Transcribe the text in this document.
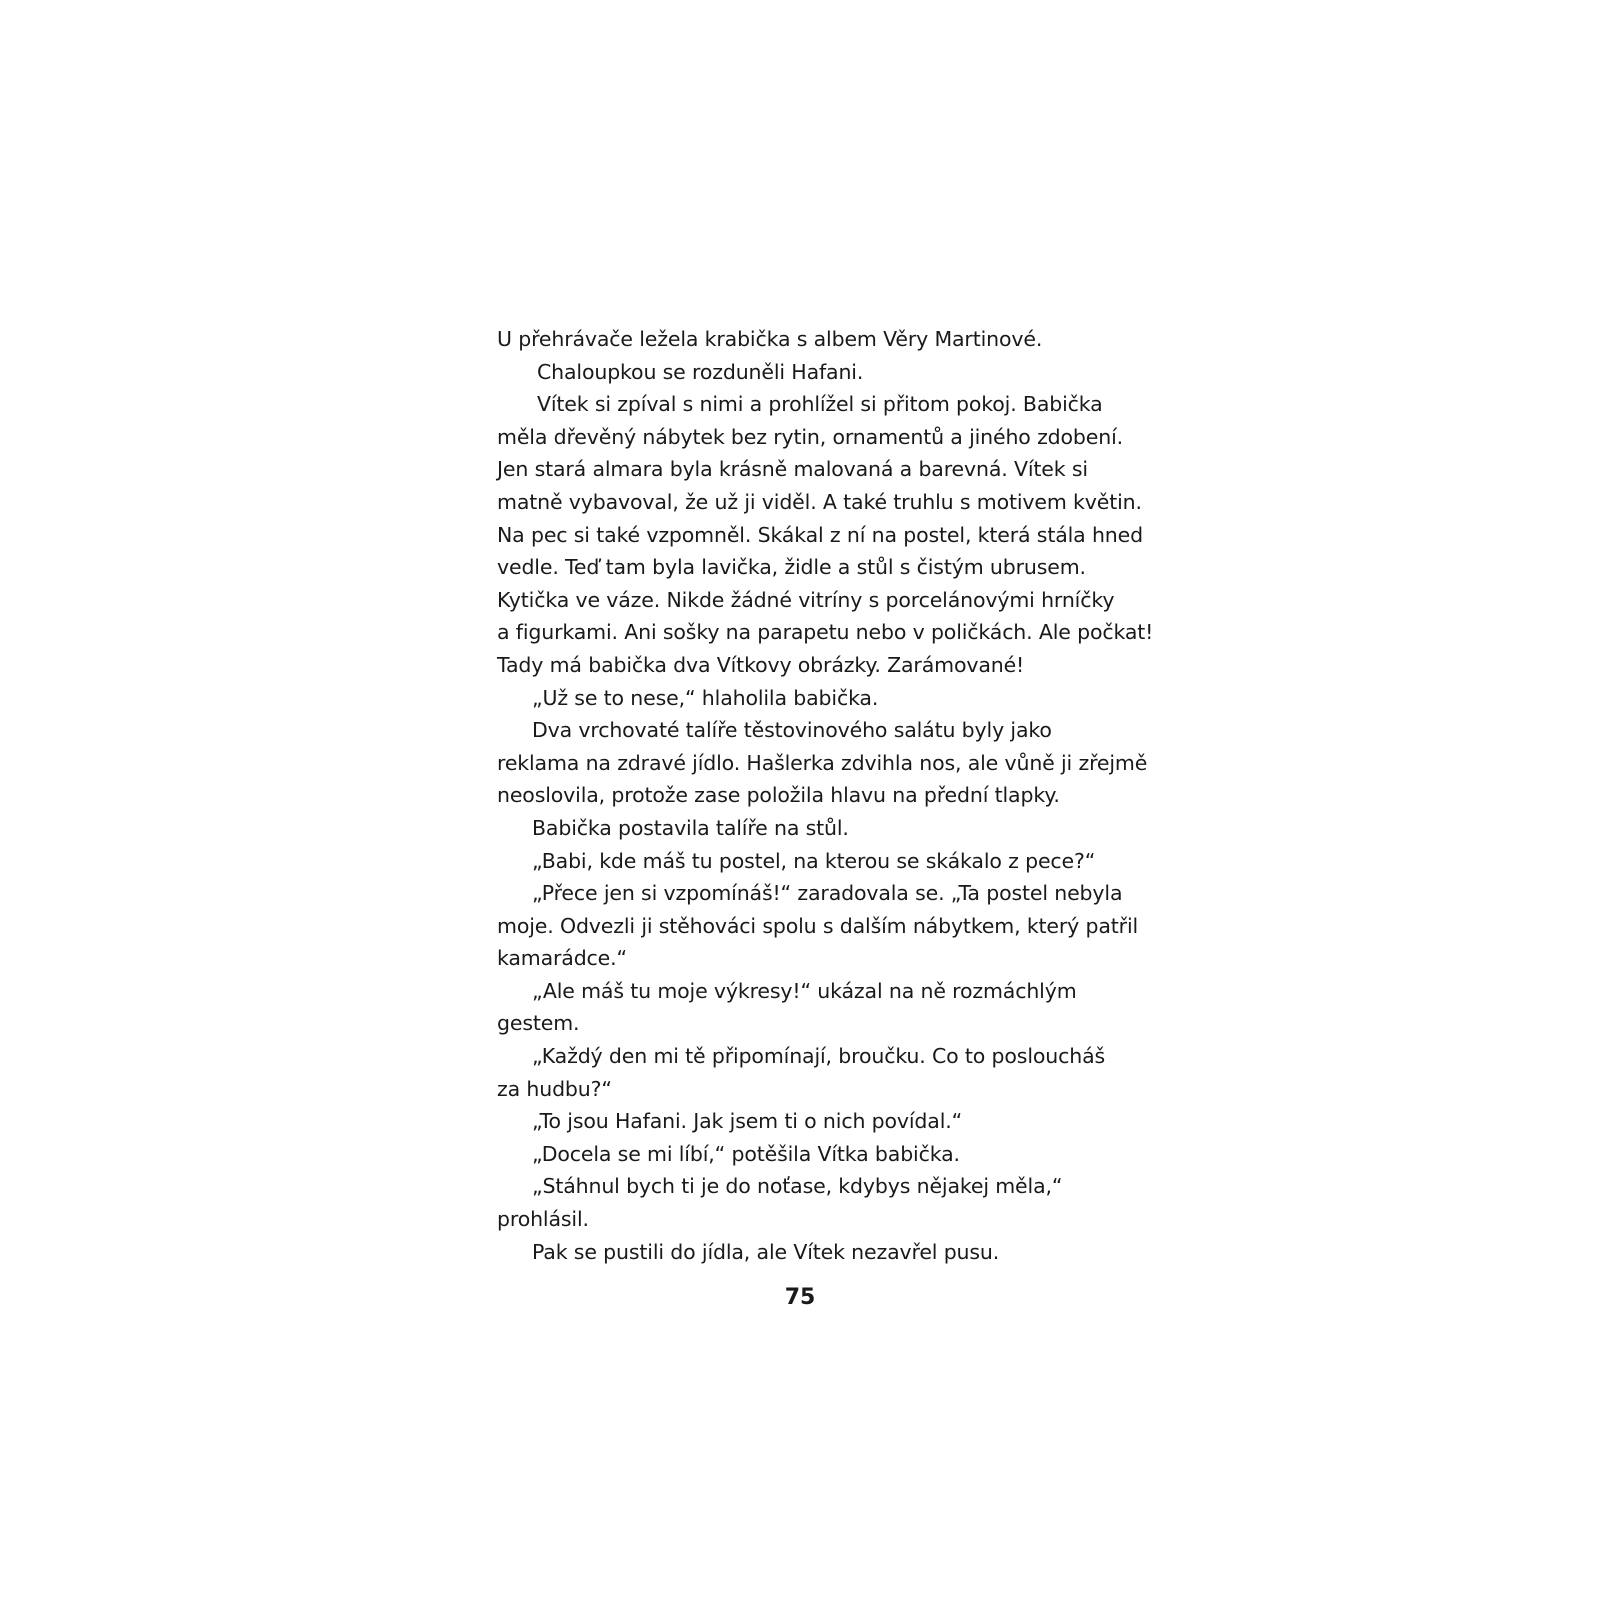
U přehrávače ležela krabička s albem Věry Martinové.
Chaloupkou se rozduněli Hafani.
Vítek si zpíval s nimi a prohlížel si přitom pokoj. Babička
měla dřevěný nábytek bez rytin, ornamentů a jiného zdobení.
Jen stará almara byla krásně malovaná a barevná. Vítek si
matně vybavoval, že už ji viděl. A také truhlu s motivem květin.
Na pec si také vzpomněl. Skákal z ní na postel, která stála hned
vedle. Teď tam byla lavička, židle a stůl s čistým ubrusem.
Kytička ve váze. Nikde žádné vitríny s porcelánovými hrníčky
a figurkami. Ani sošky na parapetu nebo v poličkách. Ale počkat!
Tady má babička dva Vítkovy obrázky. Zarámované!
„Už se to nese,“ hlaholila babička.
Dva vrchovaté talíře těstovinového salátu byly jako
reklama na zdravé jídlo. Hašlerka zdvihla nos, ale vůně ji zřejmě
neoslovila, protože zase položila hlavu na přední tlapky.
Babička postavila talíře na stůl.
„Babi, kde máš tu postel, na kterou se skákalo z pece?“
„Přece jen si vzpomínáš!“ zaradovala se. „Ta postel nebyla
moje. Odvezli ji stěhováci spolu s dalším nábytkem, který patřil
kamarádce.“
„Ale máš tu moje výkresy!“ ukázal na ně rozmáchlým
gestem.
„Každý den mi tě připomínají, broučku. Co to posloucháš
za hudbu?“
„To jsou Hafani. Jak jsem ti o nich povídal.“
„Docela se mi líbí,“ potěšila Vítka babička.
„Stáhnul bych ti je do noťase, kdybys nějakej měla,“
prohlásil.
Pak se pustili do jídla, ale Vítek nezavřel pusu.
75
